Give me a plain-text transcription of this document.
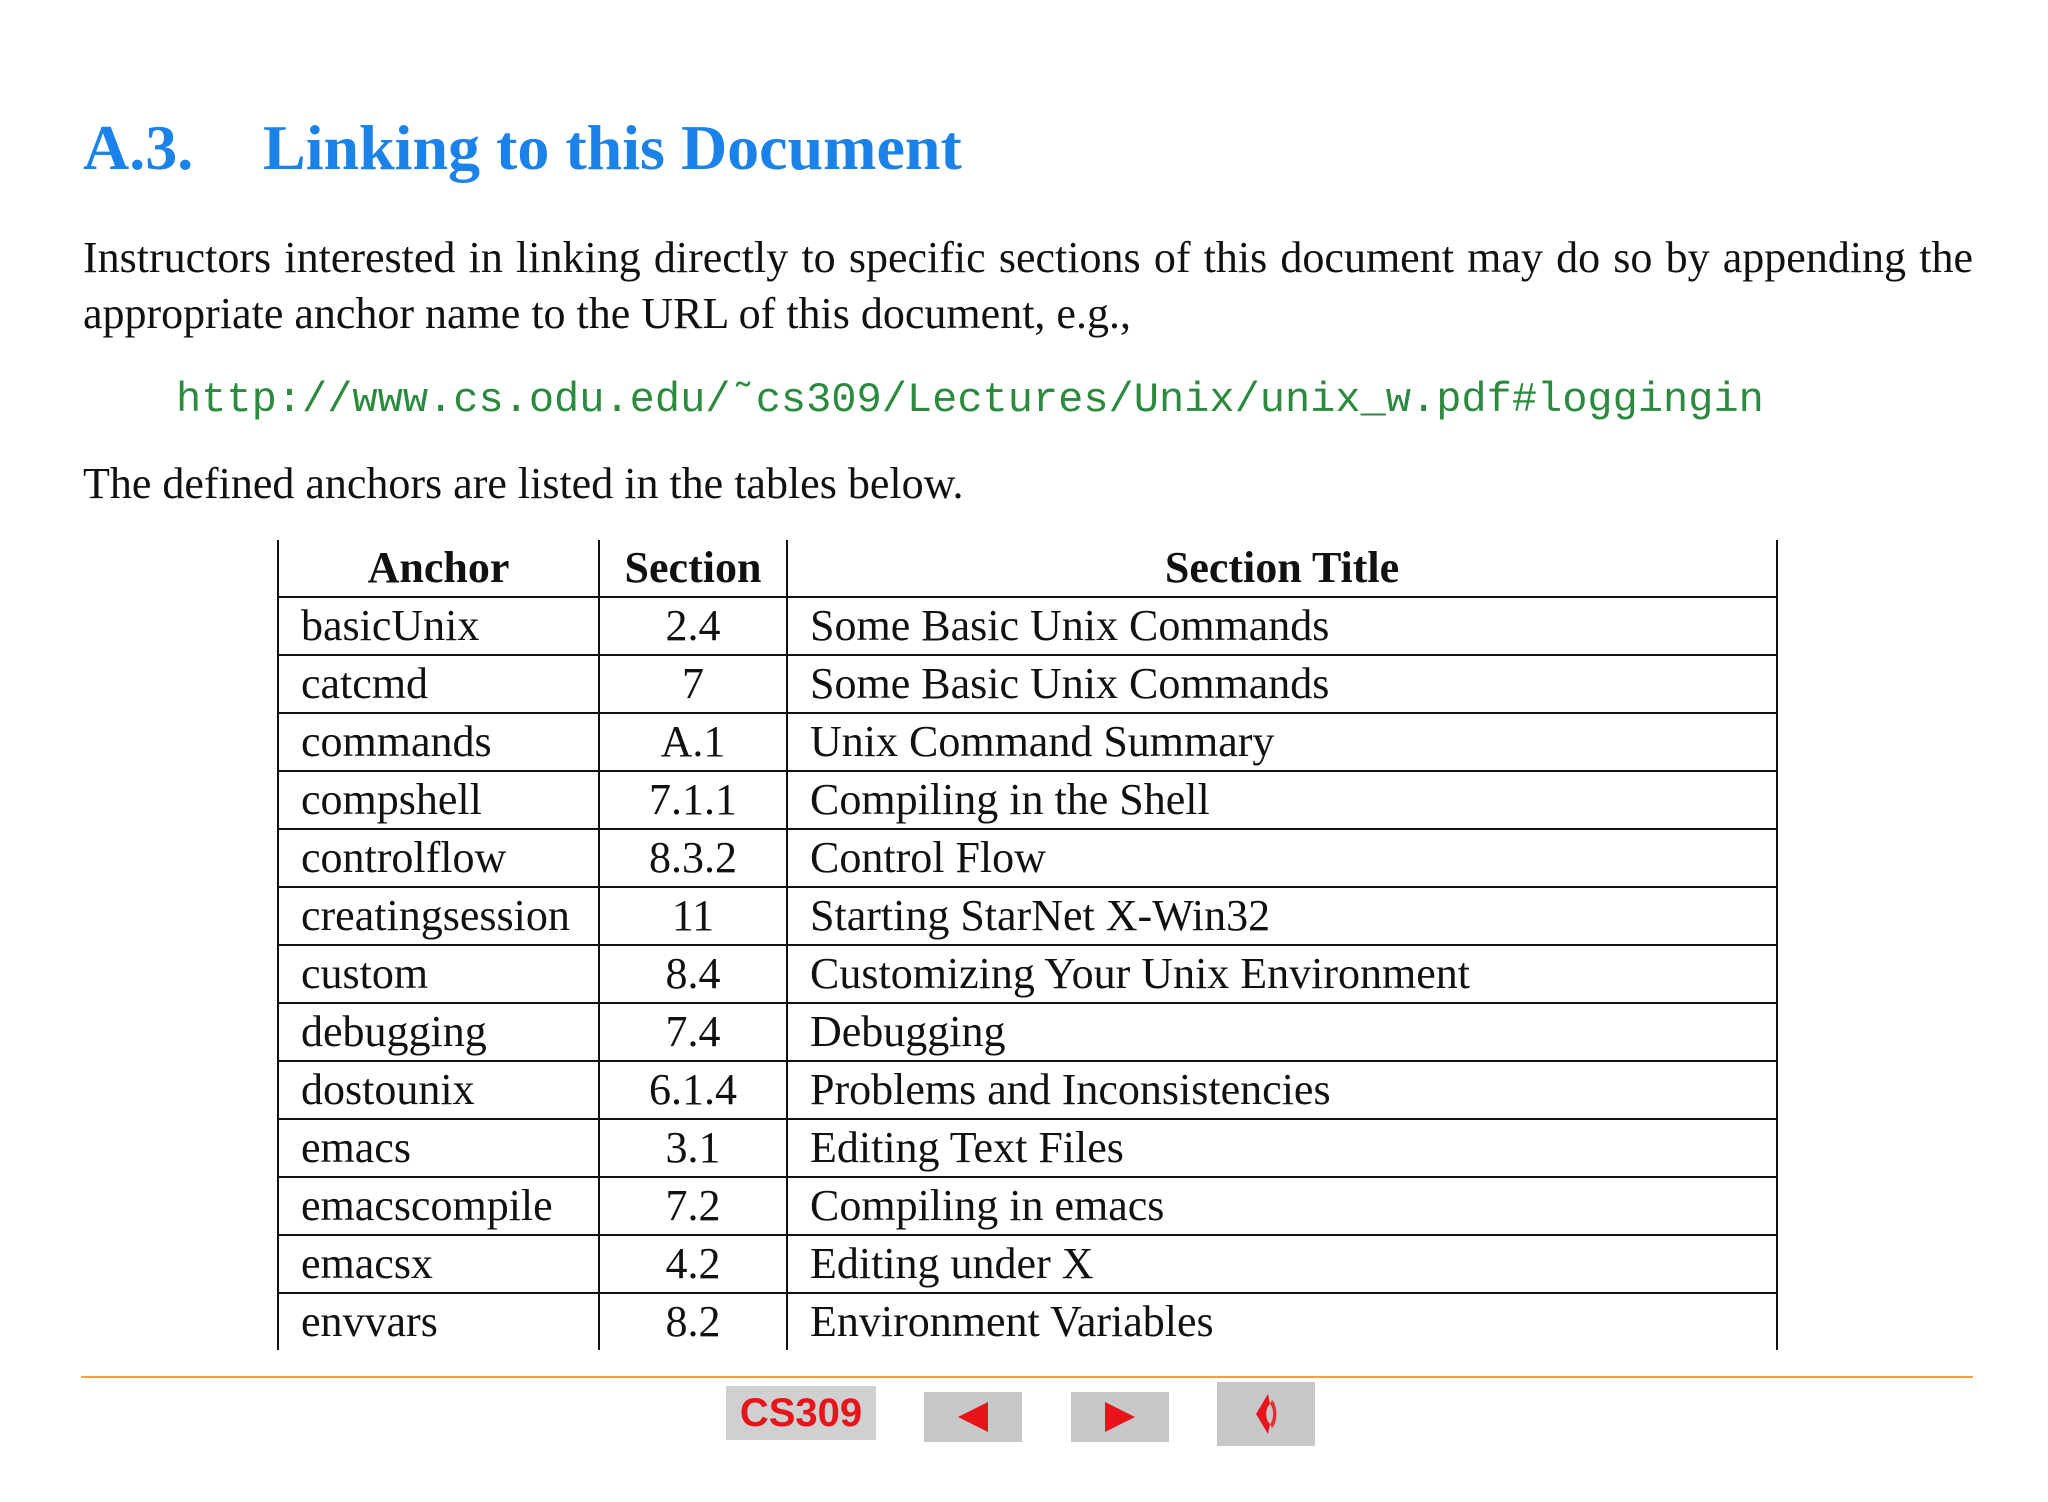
A.3. Linking to this Document

Instructors interested in linking directly to specific sections of this document may do so by appending the appropriate anchor name to the URL of this document, e.g.,

http://www.cs.odu.edu/˜cs309/Lectures/Unix/unix_w.pdf#loggingin

The defined anchors are listed in the tables below.

Anchor	Section	Section Title
basicUnix	2.4	Some Basic Unix Commands
catcmd	7	Some Basic Unix Commands
commands	A.1	Unix Command Summary
compshell	7.1.1	Compiling in the Shell
controlflow	8.3.2	Control Flow
creatingsession	11	Starting StarNet X-Win32
custom	8.4	Customizing Your Unix Environment
debugging	7.4	Debugging
dostounix	6.1.4	Problems and Inconsistencies
emacs	3.1	Editing Text Files
emacscompile	7.2	Compiling in emacs
emacsx	4.2	Editing under X
envvars	8.2	Environment Variables
CS309
